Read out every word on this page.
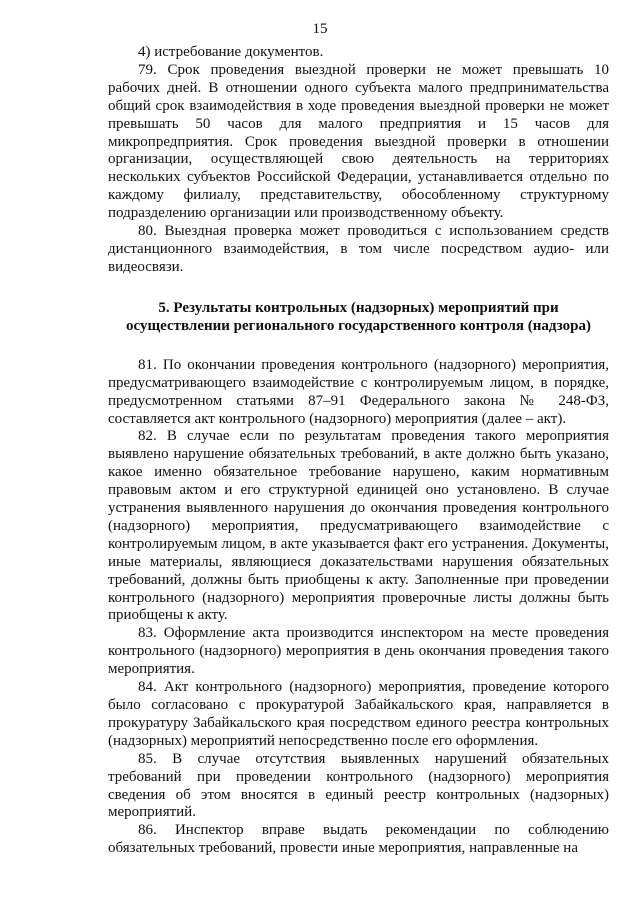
15

4) истребование документов.

79. Срок проведения выездной проверки не может превышать 10 рабочих дней. В отношении одного субъекта малого предпринимательства общий срок взаимодействия в ходе проведения выездной проверки не может превышать 50 часов для малого предприятия и 15 часов для микропредприятия. Срок проведения выездной проверки в отношении организации, осуществляющей свою деятельность на территориях нескольких субъектов Российской Федерации, устанавливается отдельно по каждому филиалу, представительству, обособленному структурному подразделению организации или производственному объекту.

80. Выездная проверка может проводиться с использованием средств дистанционного взаимодействия, в том числе посредством аудио- или видеосвязи.

5. Результаты контрольных (надзорных) мероприятий при
осуществлении регионального государственного контроля (надзора)

81. По окончании проведения контрольного (надзорного) мероприятия, предусматривающего взаимодействие с контролируемым лицом, в порядке, предусмотренном статьями 87–91 Федерального закона № 248-ФЗ, составляется акт контрольного (надзорного) мероприятия (далее – акт).

82. В случае если по результатам проведения такого мероприятия выявлено нарушение обязательных требований, в акте должно быть указано, какое именно обязательное требование нарушено, каким нормативным правовым актом и его структурной единицей оно установлено. В случае устранения выявленного нарушения до окончания проведения контрольного (надзорного) мероприятия, предусматривающего взаимодействие с контролируемым лицом, в акте указывается факт его устранения. Документы, иные материалы, являющиеся доказательствами нарушения обязательных требований, должны быть приобщены к акту. Заполненные при проведении контрольного (надзорного) мероприятия проверочные листы должны быть приобщены к акту.

83. Оформление акта производится инспектором на месте проведения контрольного (надзорного) мероприятия в день окончания проведения такого мероприятия.

84. Акт контрольного (надзорного) мероприятия, проведение которого было согласовано с прокуратурой Забайкальского края, направляется в прокуратуру Забайкальского края посредством единого реестра контрольных (надзорных) мероприятий непосредственно после его оформления.

85. В случае отсутствия выявленных нарушений обязательных требований при проведении контрольного (надзорного) мероприятия сведения об этом вносятся в единый реестр контрольных (надзорных) мероприятий.

86. Инспектор вправе выдать рекомендации по соблюдению обязательных требований, провести иные мероприятия, направленные на
